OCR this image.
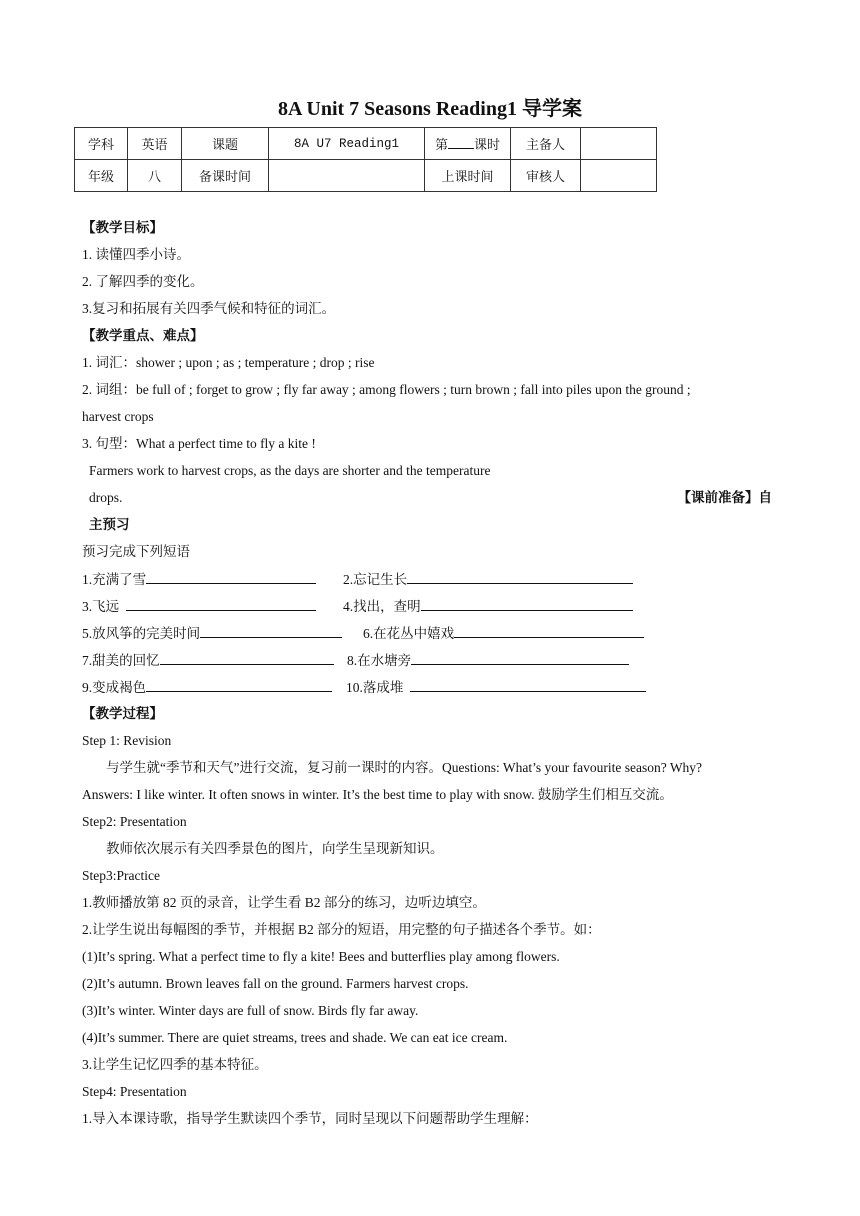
8A Unit 7 Seasons Reading1 导学案
学科	英语	课题	8A U7 Reading1	第 课时	主备人	
年级	八	备课时间		上课时间	审核人	
【教学目标】
1. 读懂四季小诗。
2. 了解四季的变化。
3.复习和拓展有关四季气候和特征的词汇。
【教学重点、难点】
1. 词汇：shower ; upon ; as ; temperature ; drop ; rise
2. 词组：be full of ; forget to grow ; fly far away ; among flowers ; turn brown ; fall into piles upon the ground ;
harvest crops
3. 句型：What a perfect time to fly a kite !
Farmers work to harvest crops, as the days are shorter and the temperature
drops.	【课前准备】自
主预习
预习完成下列短语
1.充满了雪	2.忘记生长
3.飞远	4.找出，查明
5.放风筝的完美时间	6.在花丛中嬉戏
7.甜美的回忆	8.在水塘旁
9.变成褐色	10.落成堆
【教学过程】
Step 1: Revision
与学生就“季节和天气”进行交流，复习前一课时的内容。Questions: What’s your favourite season? Why?
Answers: I like winter. It often snows in winter. It’s the best time to play with snow. 鼓励学生们相互交流。
Step2: Presentation
教师依次展示有关四季景色的图片，向学生呈现新知识。
Step3:Practice
1.教师播放第 82 页的录音，让学生看 B2 部分的练习，边听边填空。
2.让学生说出每幅图的季节，并根据 B2 部分的短语，用完整的句子描述各个季节。如：
(1)It’s spring. What a perfect time to fly a kite! Bees and butterflies play among flowers.
(2)It’s autumn. Brown leaves fall on the ground. Farmers harvest crops.
(3)It’s winter. Winter days are full of snow. Birds fly far away.
(4)It’s summer. There are quiet streams, trees and shade. We can eat ice cream.
3.让学生记忆四季的基本特征。
Step4: Presentation
1.导入本课诗歌，指导学生默读四个季节，同时呈现以下问题帮助学生理解：
